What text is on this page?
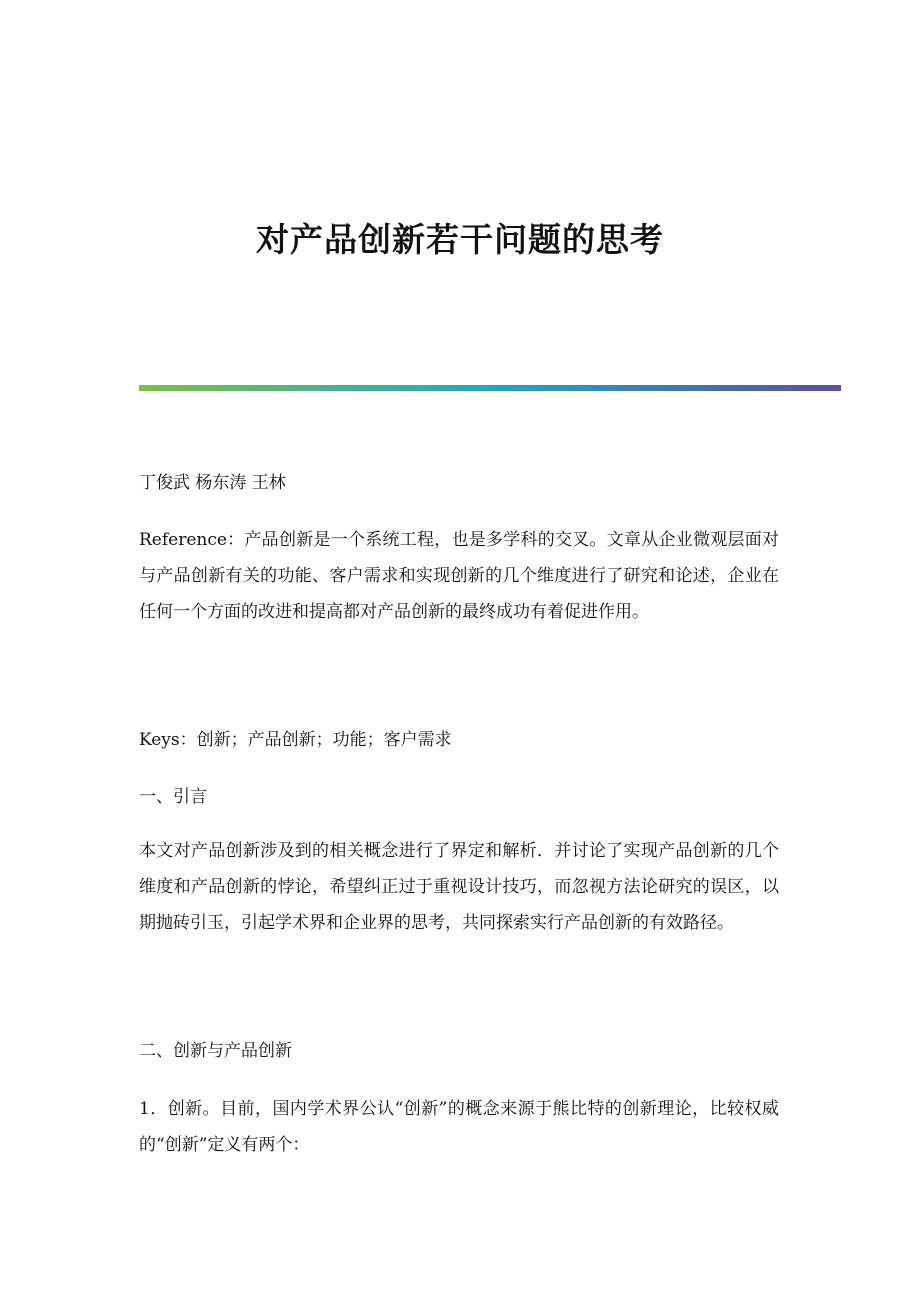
对产品创新若干问题的思考

丁俊武 杨东涛 王林

Reference：产品创新是一个系统工程，也是多学科的交叉。文章从企业微观层面对与产品创新有关的功能、客户需求和实现创新的几个维度进行了研究和论述，企业在任何一个方面的改进和提高都对产品创新的最终成功有着促进作用。

Keys：创新；产品创新；功能；客户需求

一、引言

本文对产品创新涉及到的相关概念进行了界定和解析．并讨论了实现产品创新的几个维度和产品创新的悖论，希望纠正过于重视设计技巧，而忽视方法论研究的误区，以期抛砖引玉，引起学术界和企业界的思考，共同探索实行产品创新的有效路径。

二、创新与产品创新

1．创新。目前，国内学术界公认“创新”的概念来源于熊比特的创新理论，比较权威的“创新”定义有两个：
